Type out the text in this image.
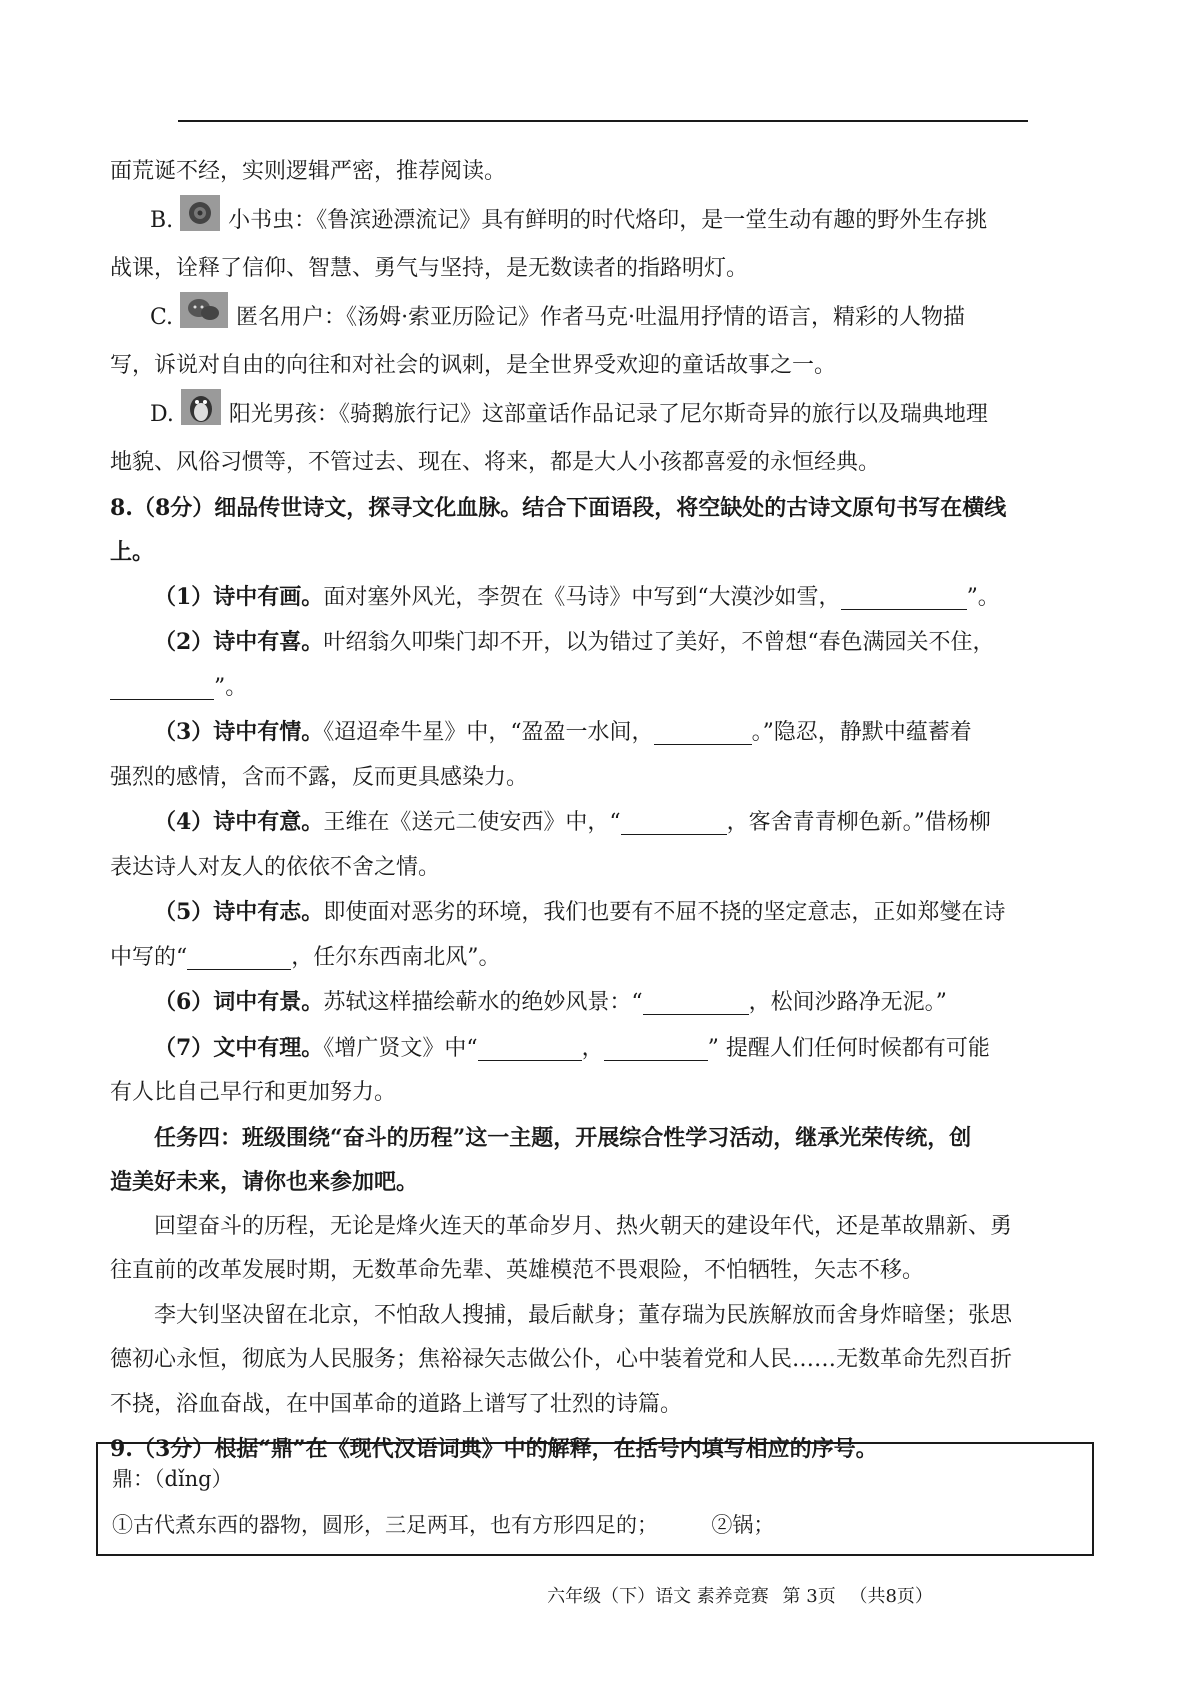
面荒诞不经，实则逻辑严密，推荐阅读。

B.	小书虫：《鲁滨逊漂流记》具有鲜明的时代烙印，是一堂生动有趣的野外生存挑

战课，诠释了信仰、智慧、勇气与坚持，是无数读者的指路明灯。

C.	匿名用户：《汤姆·索亚历险记》作者马克·吐温用抒情的语言，精彩的人物描

写，诉说对自由的向往和对社会的讽刺，是全世界受欢迎的童话故事之一。

D.	阳光男孩：《骑鹅旅行记》这部童话作品记录了尼尔斯奇异的旅行以及瑞典地理

地貌、风俗习惯等，不管过去、现在、将来，都是大人小孩都喜爱的永恒经典。

8.（8分）细品传世诗文，探寻文化血脉。结合下面语段，将空缺处的古诗文原句书写在横线

上。

（1）诗中有画。面对塞外风光，李贺在《马诗》中写到“大漠沙如雪，	”。

（2）诗中有喜。叶绍翁久叩柴门却不开，以为错过了美好，不曾想“春色满园关不住，

”。

（3）诗中有情。《迢迢牵牛星》中，“盈盈一水间，	。”隐忍，静默中蕴蓄着

强烈的感情，含而不露，反而更具感染力。

（4）诗中有意。王维在《送元二使安西》中，“	，客舍青青柳色新。”借杨柳

表达诗人对友人的依依不舍之情。

（5）诗中有志。即使面对恶劣的环境，我们也要有不屈不挠的坚定意志，正如郑燮在诗

中写的“	，任尔东西南北风”。

（6）词中有景。苏轼这样描绘蕲水的绝妙风景：“	，松间沙路净无泥。”

（7）文中有理。《增广贤文》中“	，	” 提醒人们任何时候都有可能

有人比自己早行和更加努力。

任务四：班级围绕“奋斗的历程”这一主题，开展综合性学习活动，继承光荣传统，创

造美好未来，请你也来参加吧。

回望奋斗的历程，无论是烽火连天的革命岁月、热火朝天的建设年代，还是革故鼎新、勇

往直前的改革发展时期，无数革命先辈、英雄模范不畏艰险，不怕牺牲，矢志不移。

李大钊坚决留在北京，不怕敌人搜捕，最后献身；董存瑞为民族解放而舍身炸暗堡；张思

德初心永恒，彻底为人民服务；焦裕禄矢志做公仆，心中装着党和人民……无数革命先烈百折

不挠，浴血奋战，在中国革命的道路上谱写了壮烈的诗篇。

9.（3分）根据“鼎”在《现代汉语词典》中的解释，在括号内填写相应的序号。

鼎：（dǐng）
①古代煮东西的器物，圆形，三足两耳，也有方形四足的；	②锅；
六年级（下）语文 素养竞赛 第 3页 （共8页）
